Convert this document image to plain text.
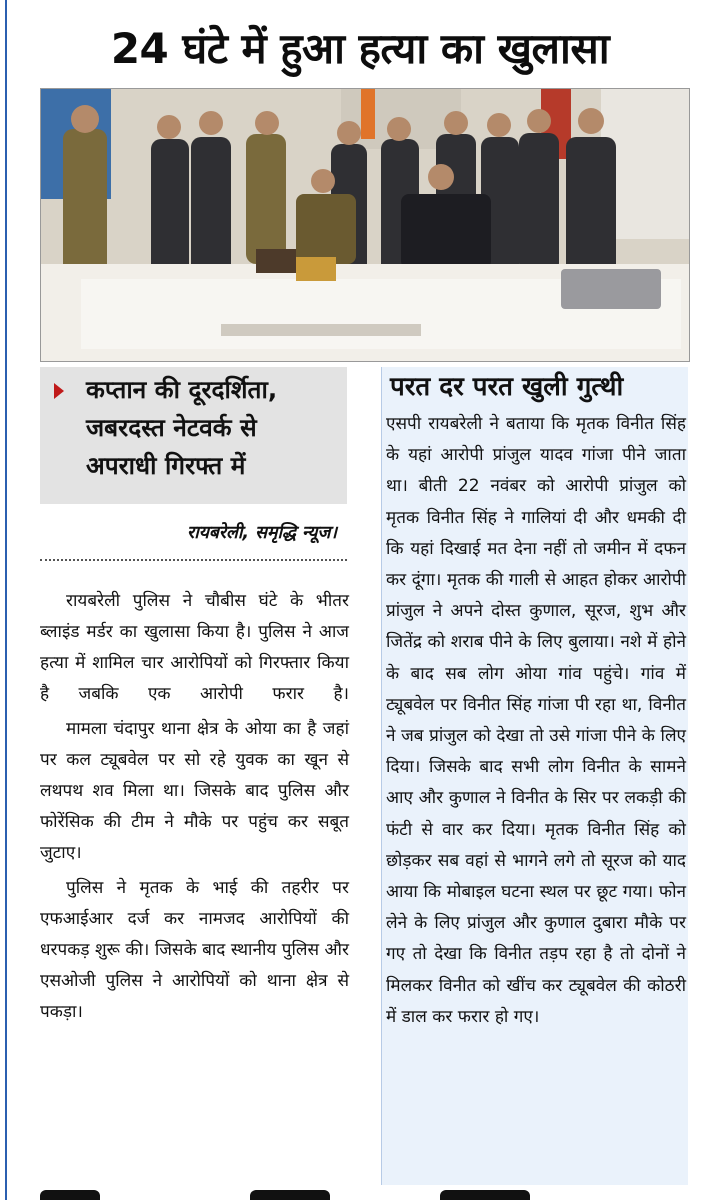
24 घंटे में हुआ हत्या का खुलासा
कप्तान की दूरदर्शिता,
जबरदस्त नेटवर्क से
अपराधी गिरफ्त में
रायबरेली, समृद्धि न्यूज।

रायबरेली पुलिस ने चौबीस घंटे के भीतर ब्लाइंड मर्डर का खुलासा किया है। पुलिस ने आज हत्या में शामिल चार आरोपियों को गिरफ्तार किया है जबकि एक आरोपी फरार है।

मामला चंदापुर थाना क्षेत्र के ओया का है जहां पर कल ट्यूबवेल पर सो रहे युवक का खून से लथपथ शव मिला था। जिसके बाद पुलिस और फोरेंसिक की टीम ने मौके पर पहुंच कर सबूत जुटाए।

पुलिस ने मृतक के भाई की तहरीर पर एफआईआर दर्ज कर नामजद आरोपियों की धरपकड़ शुरू की। जिसके बाद स्थानीय पुलिस और एसओजी पुलिस ने आरोपियों को थाना क्षेत्र से पकड़ा।

परत दर परत खुली गुत्थी

एसपी रायबरेली ने बताया कि मृतक विनीत सिंह के यहां आरोपी प्रांजुल यादव गांजा पीने जाता था। बीती 22 नवंबर को आरोपी प्रांजुल को मृतक विनीत सिंह ने गालियां दी और धमकी दी कि यहां दिखाई मत देना नहीं तो जमीन में दफन कर दूंगा। मृतक की गाली से आहत होकर आरोपी प्रांजुल ने अपने दोस्त कुणाल, सूरज, शुभ और जितेंद्र को शराब पीने के लिए बुलाया। नशे में होने के बाद सब लोग ओया गांव पहुंचे। गांव में ट्यूबवेल पर विनीत सिंह गांजा पी रहा था, विनीत ने जब प्रांजुल को देखा तो उसे गांजा पीने के लिए दिया। जिसके बाद सभी लोग विनीत के सामने आए और कुणाल ने विनीत के सिर पर लकड़ी की फंटी से वार कर दिया। मृतक विनीत सिंह को छोड़कर सब वहां से भागने लगे तो सूरज को याद आया कि मोबाइल घटना स्थल पर छूट गया। फोन लेने के लिए प्रांजुल और कुणाल दुबारा मौके पर गए तो देखा कि विनीत तड़प रहा है तो दोनों ने मिलकर विनीत को खींच कर ट्यूबवेल की कोठरी में डाल कर फरार हो गए।
